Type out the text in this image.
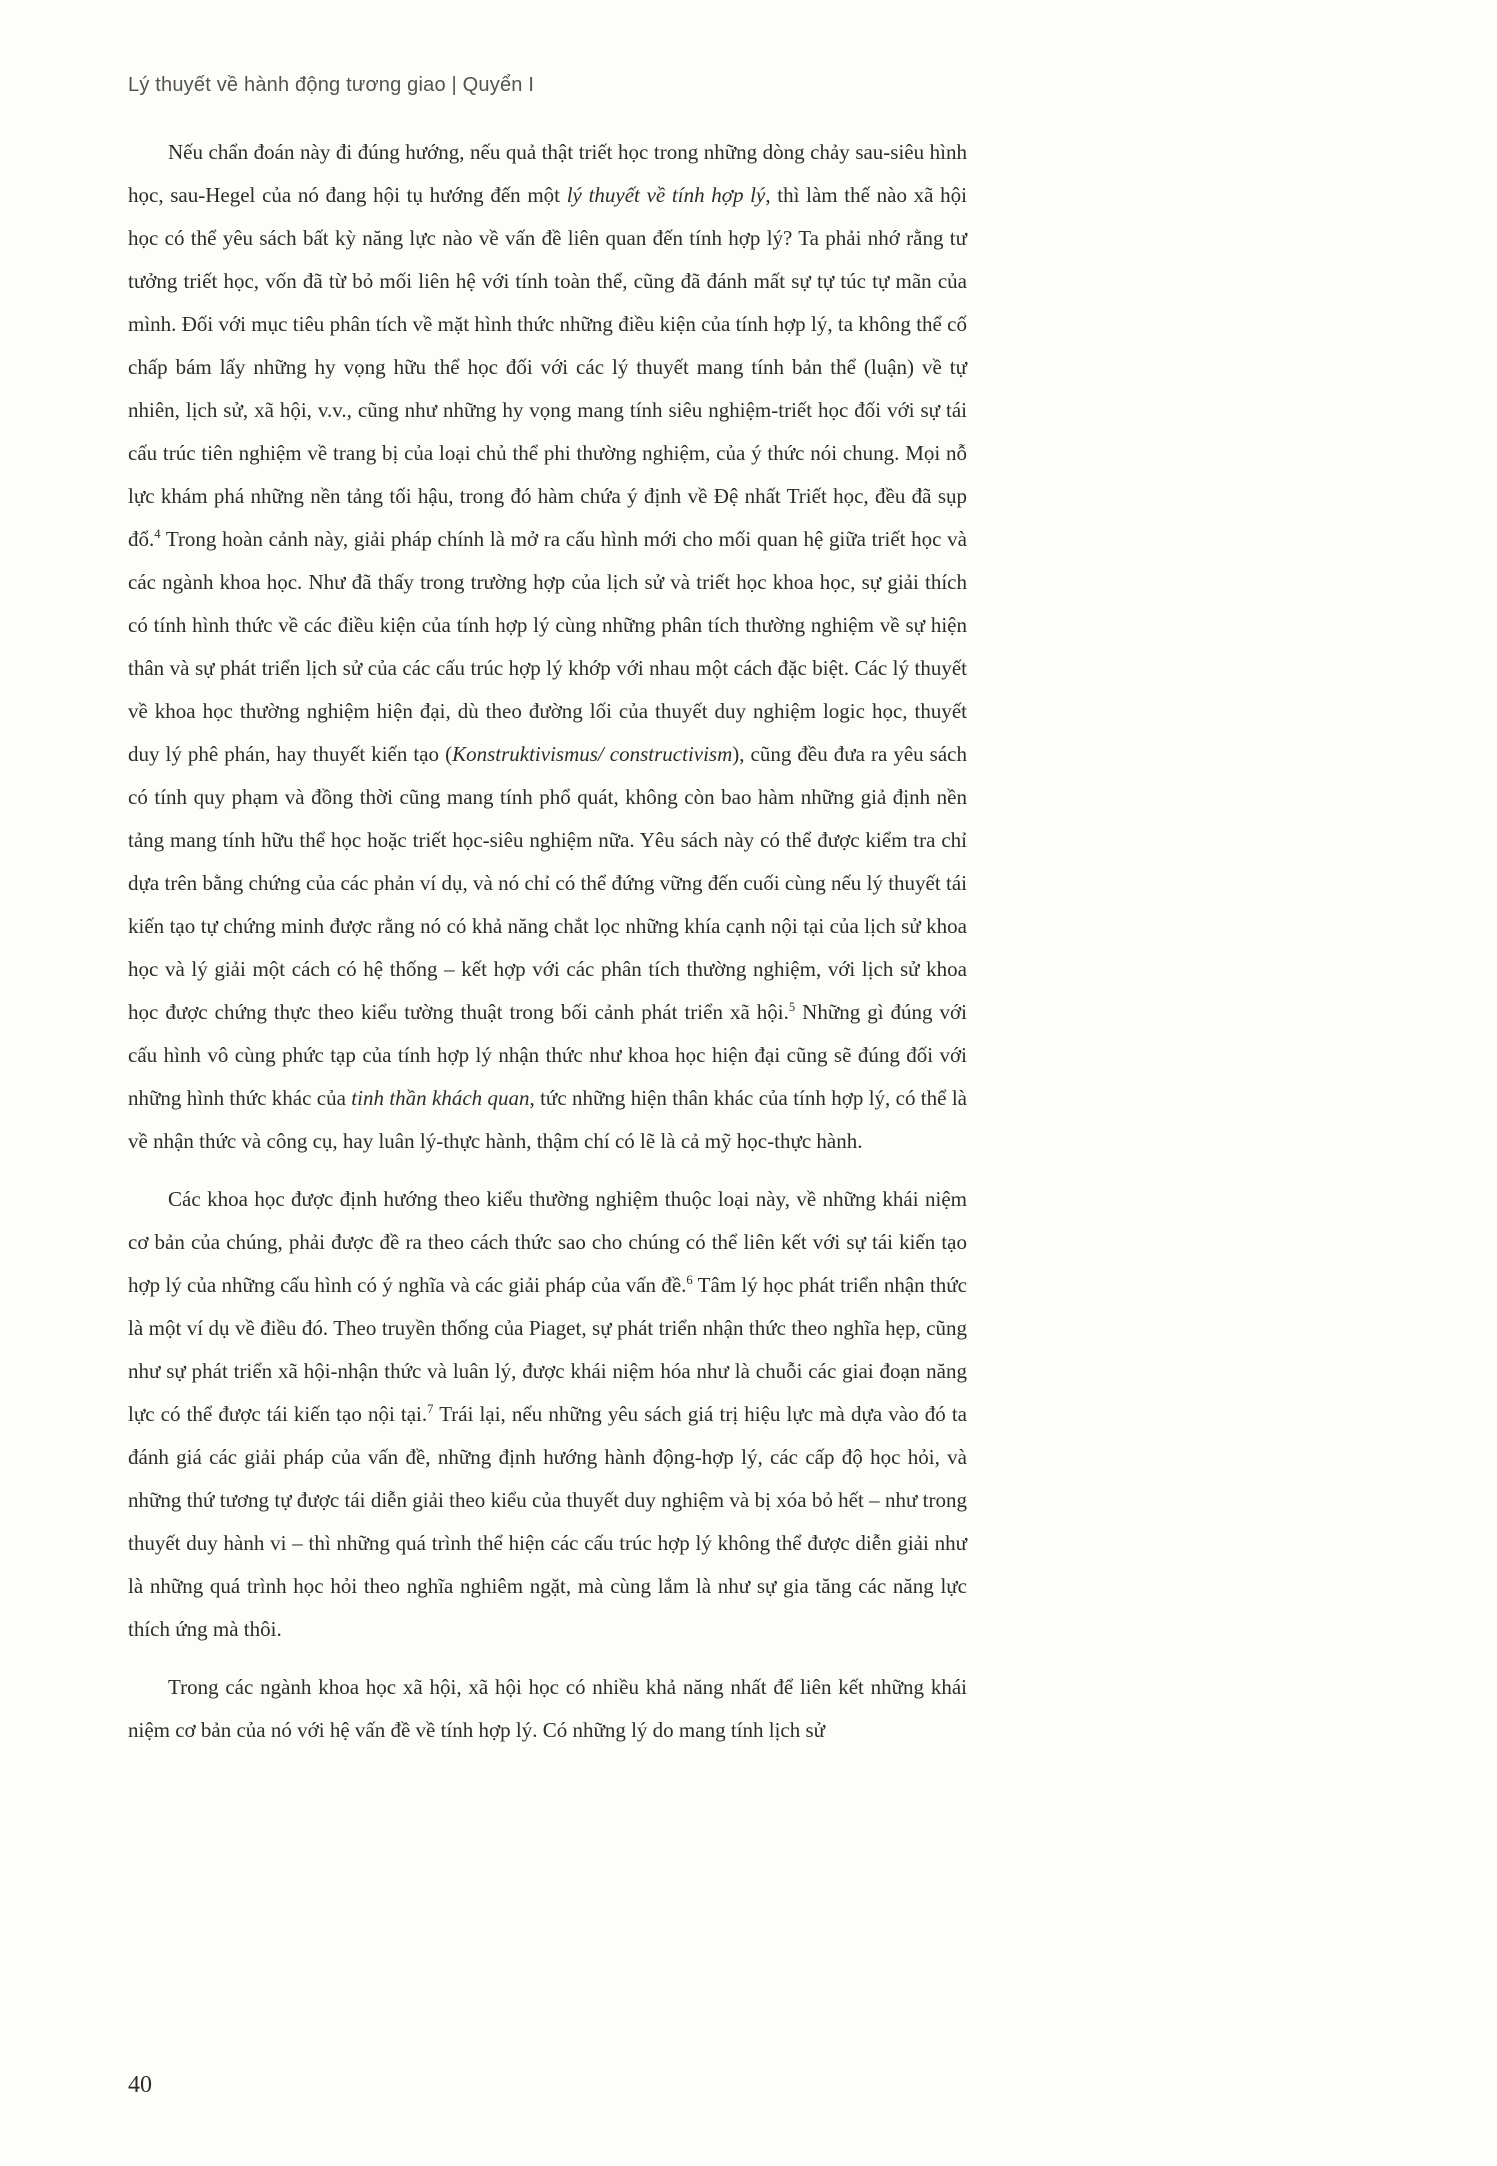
Lý thuyết về hành động tương giao | Quyển I

Nếu chẩn đoán này đi đúng hướng, nếu quả thật triết học trong những dòng chảy sau-siêu hình học, sau-Hegel của nó đang hội tụ hướng đến một lý thuyết về tính hợp lý, thì làm thế nào xã hội học có thể yêu sách bất kỳ năng lực nào về vấn đề liên quan đến tính hợp lý? Ta phải nhớ rằng tư tưởng triết học, vốn đã từ bỏ mối liên hệ với tính toàn thể, cũng đã đánh mất sự tự túc tự mãn của mình. Đối với mục tiêu phân tích về mặt hình thức những điều kiện của tính hợp lý, ta không thể cố chấp bám lấy những hy vọng hữu thể học đối với các lý thuyết mang tính bản thể (luận) về tự nhiên, lịch sử, xã hội, v.v., cũng như những hy vọng mang tính siêu nghiệm-triết học đối với sự tái cấu trúc tiên nghiệm về trang bị của loại chủ thể phi thường nghiệm, của ý thức nói chung. Mọi nỗ lực khám phá những nền tảng tối hậu, trong đó hàm chứa ý định về Đệ nhất Triết học, đều đã sụp đổ.$^4$ Trong hoàn cảnh này, giải pháp chính là mở ra cấu hình mới cho mối quan hệ giữa triết học và các ngành khoa học. Như đã thấy trong trường hợp của lịch sử và triết học khoa học, sự giải thích có tính hình thức về các điều kiện của tính hợp lý cùng những phân tích thường nghiệm về sự hiện thân và sự phát triển lịch sử của các cấu trúc hợp lý khớp với nhau một cách đặc biệt. Các lý thuyết về khoa học thường nghiệm hiện đại, dù theo đường lối của thuyết duy nghiệm logic học, thuyết duy lý phê phán, hay thuyết kiến tạo (Konstruktivismus/ constructivism), cũng đều đưa ra yêu sách có tính quy phạm và đồng thời cũng mang tính phổ quát, không còn bao hàm những giả định nền tảng mang tính hữu thể học hoặc triết học-siêu nghiệm nữa. Yêu sách này có thể được kiểm tra chỉ dựa trên bằng chứng của các phản ví dụ, và nó chỉ có thể đứng vững đến cuối cùng nếu lý thuyết tái kiến tạo tự chứng minh được rằng nó có khả năng chắt lọc những khía cạnh nội tại của lịch sử khoa học và lý giải một cách có hệ thống – kết hợp với các phân tích thường nghiệm, với lịch sử khoa học được chứng thực theo kiểu tường thuật trong bối cảnh phát triển xã hội.$^5$ Những gì đúng với cấu hình vô cùng phức tạp của tính hợp lý nhận thức như khoa học hiện đại cũng sẽ đúng đối với những hình thức khác của tinh thần khách quan, tức những hiện thân khác của tính hợp lý, có thể là về nhận thức và công cụ, hay luân lý-thực hành, thậm chí có lẽ là cả mỹ học-thực hành.

Các khoa học được định hướng theo kiểu thường nghiệm thuộc loại này, về những khái niệm cơ bản của chúng, phải được đề ra theo cách thức sao cho chúng có thể liên kết với sự tái kiến tạo hợp lý của những cấu hình có ý nghĩa và các giải pháp của vấn đề.$^6$ Tâm lý học phát triển nhận thức là một ví dụ về điều đó. Theo truyền thống của Piaget, sự phát triển nhận thức theo nghĩa hẹp, cũng như sự phát triển xã hội-nhận thức và luân lý, được khái niệm hóa như là chuỗi các giai đoạn năng lực có thể được tái kiến tạo nội tại.$^7$ Trái lại, nếu những yêu sách giá trị hiệu lực mà dựa vào đó ta đánh giá các giải pháp của vấn đề, những định hướng hành động-hợp lý, các cấp độ học hỏi, và những thứ tương tự được tái diễn giải theo kiểu của thuyết duy nghiệm và bị xóa bỏ hết – như trong thuyết duy hành vi – thì những quá trình thể hiện các cấu trúc hợp lý không thể được diễn giải như là những quá trình học hỏi theo nghĩa nghiêm ngặt, mà cùng lắm là như sự gia tăng các năng lực thích ứng mà thôi.

Trong các ngành khoa học xã hội, xã hội học có nhiều khả năng nhất để liên kết những khái niệm cơ bản của nó với hệ vấn đề về tính hợp lý. Có những lý do mang tính lịch sử

40
